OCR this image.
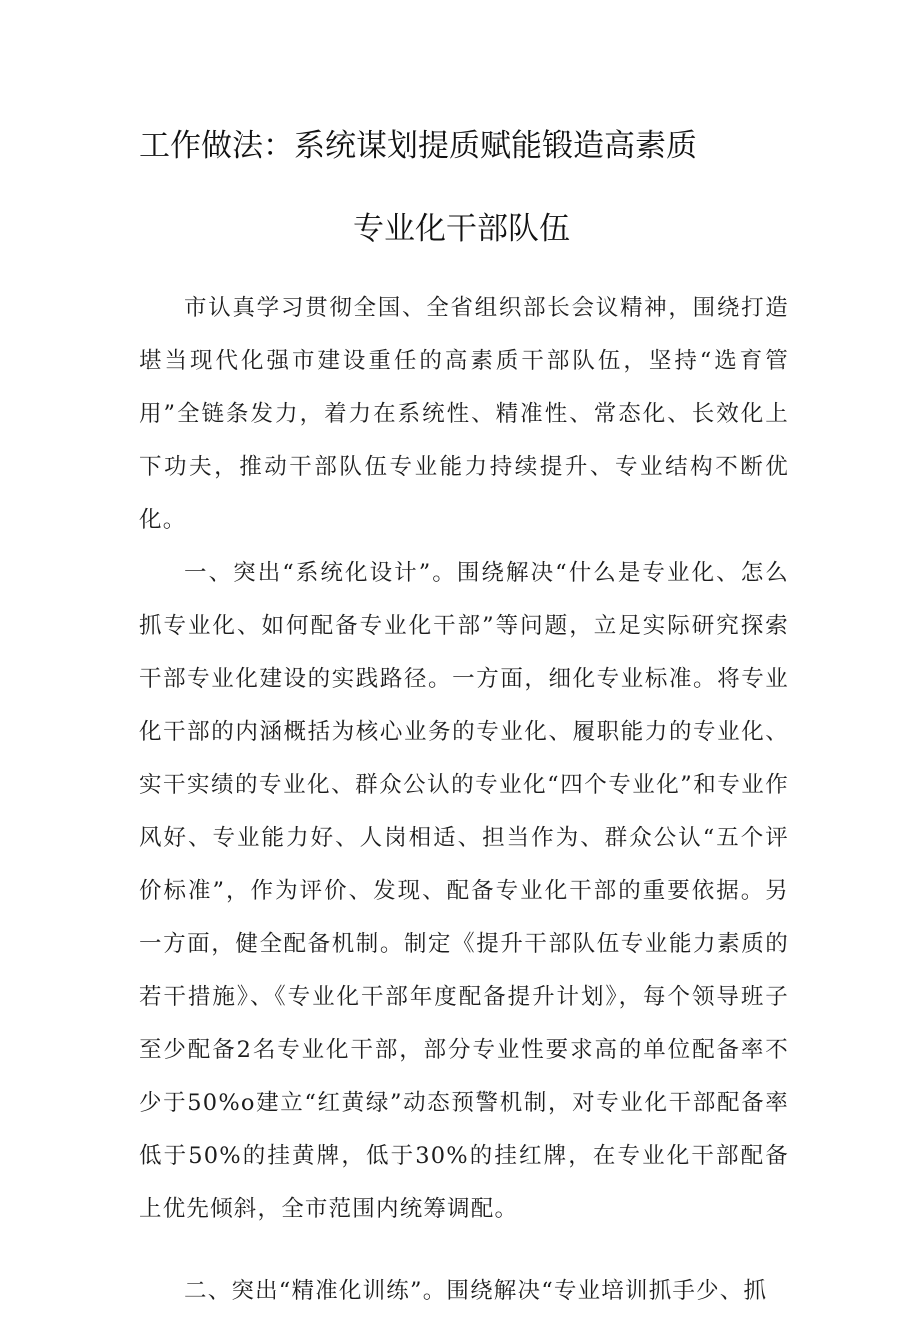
工作做法：系统谋划提质赋能锻造高素质
专业化干部队伍

市认真学习贯彻全国、全省组织部长会议精神，围绕打造堪当现代化强市建设重任的高素质干部队伍，坚持“选育管用”全链条发力，着力在系统性、精准性、常态化、长效化上下功夫，推动干部队伍专业能力持续提升、专业结构不断优化。

一、突出“系统化设计”。围绕解决“什么是专业化、怎么抓专业化、如何配备专业化干部”等问题，立足实际研究探索干部专业化建设的实践路径。一方面，细化专业标准。将专业化干部的内涵概括为核心业务的专业化、履职能力的专业化、实干实绩的专业化、群众公认的专业化“四个专业化”和专业作风好、专业能力好、人岗相适、担当作为、群众公认“五个评价标准”，作为评价、发现、配备专业化干部的重要依据。另一方面，健全配备机制。制定《提升干部队伍专业能力素质的若干措施》、《专业化干部年度配备提升计划》，每个领导班子至少配备2名专业化干部，部分专业性要求高的单位配备率不少于50%o建立“红黄绿”动态预警机制，对专业化干部配备率低于50%的挂黄牌，低于30%的挂红牌，在专业化干部配备上优先倾斜，全市范围内统筹调配。

二、突出“精准化训练”。围绕解决“专业培训抓手少、抓
